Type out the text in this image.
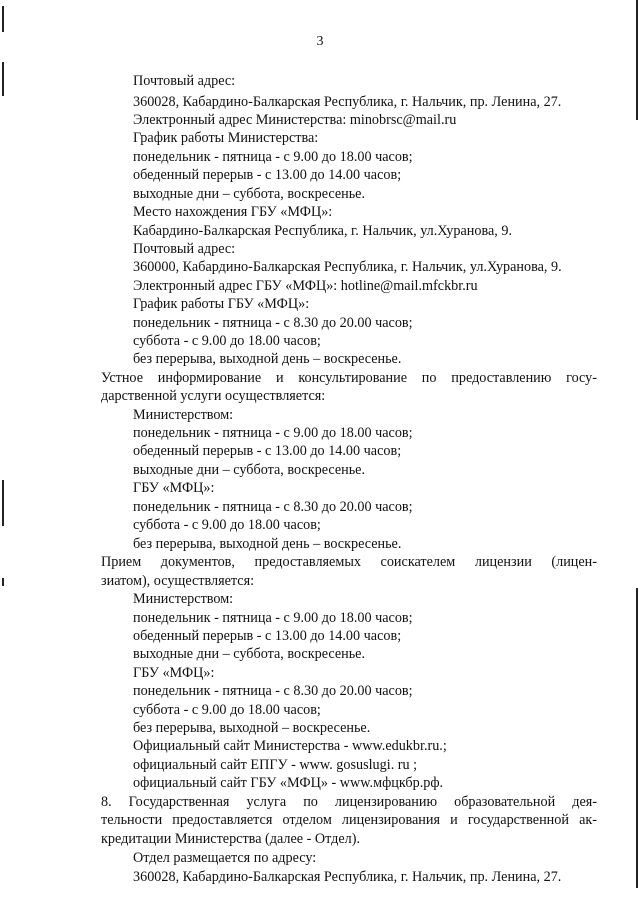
3
Почтовый адрес:
360028, Кабардино-Балкарская Республика, г. Нальчик, пр. Ленина, 27.
Электронный адрес Министерства: minobrsc@mail.ru
График работы Министерства:
понедельник - пятница - с 9.00 до 18.00 часов;
обеденный перерыв - с 13.00 до 14.00 часов;
выходные дни – суббота, воскресенье.
Место нахождения ГБУ «МФЦ»:
Кабардино-Балкарская Республика, г. Нальчик, ул.Хуранова, 9.
Почтовый адрес:
360000, Кабардино-Балкарская Республика, г. Нальчик, ул.Хуранова, 9.
Электронный адрес ГБУ «МФЦ»: hotline@mail.mfckbr.ru
График работы ГБУ «МФЦ»:
понедельник - пятница - с 8.30 до 20.00 часов;
суббота - с 9.00 до 18.00 часов;
без перерыва, выходной день – воскресенье.
Устное информирование и консультирование по предоставлению госу-
дарственной услуги осуществляется:
Министерством:
понедельник - пятница - с 9.00 до 18.00 часов;
обеденный перерыв - с 13.00 до 14.00 часов;
выходные дни – суббота, воскресенье.
ГБУ «МФЦ»:
понедельник - пятница - с 8.30 до 20.00 часов;
суббота - с 9.00 до 18.00 часов;
без перерыва, выходной день – воскресенье.
Прием документов, предоставляемых соискателем лицензии (лицен-
зиатом), осуществляется:
Министерством:
понедельник - пятница - с 9.00 до 18.00 часов;
обеденный перерыв - с 13.00 до 14.00 часов;
выходные дни – суббота, воскресенье.
ГБУ «МФЦ»:
понедельник - пятница - с 8.30 до 20.00 часов;
суббота - с 9.00 до 18.00 часов;
без перерыва, выходной – воскресенье.
Официальный сайт Министерства - www.edukbr.ru.;
официальный сайт ЕПГУ - www. gosuslugi. ru ;
официальный сайт ГБУ «МФЦ» - www.мфцкбр.рф.
8. Государственная услуга по лицензированию образовательной дея-
тельности предоставляется отделом лицензирования и государственной ак-
кредитации Министерства (далее - Отдел).
Отдел размещается по адресу:
360028, Кабардино-Балкарская Республика, г. Нальчик, пр. Ленина, 27.
